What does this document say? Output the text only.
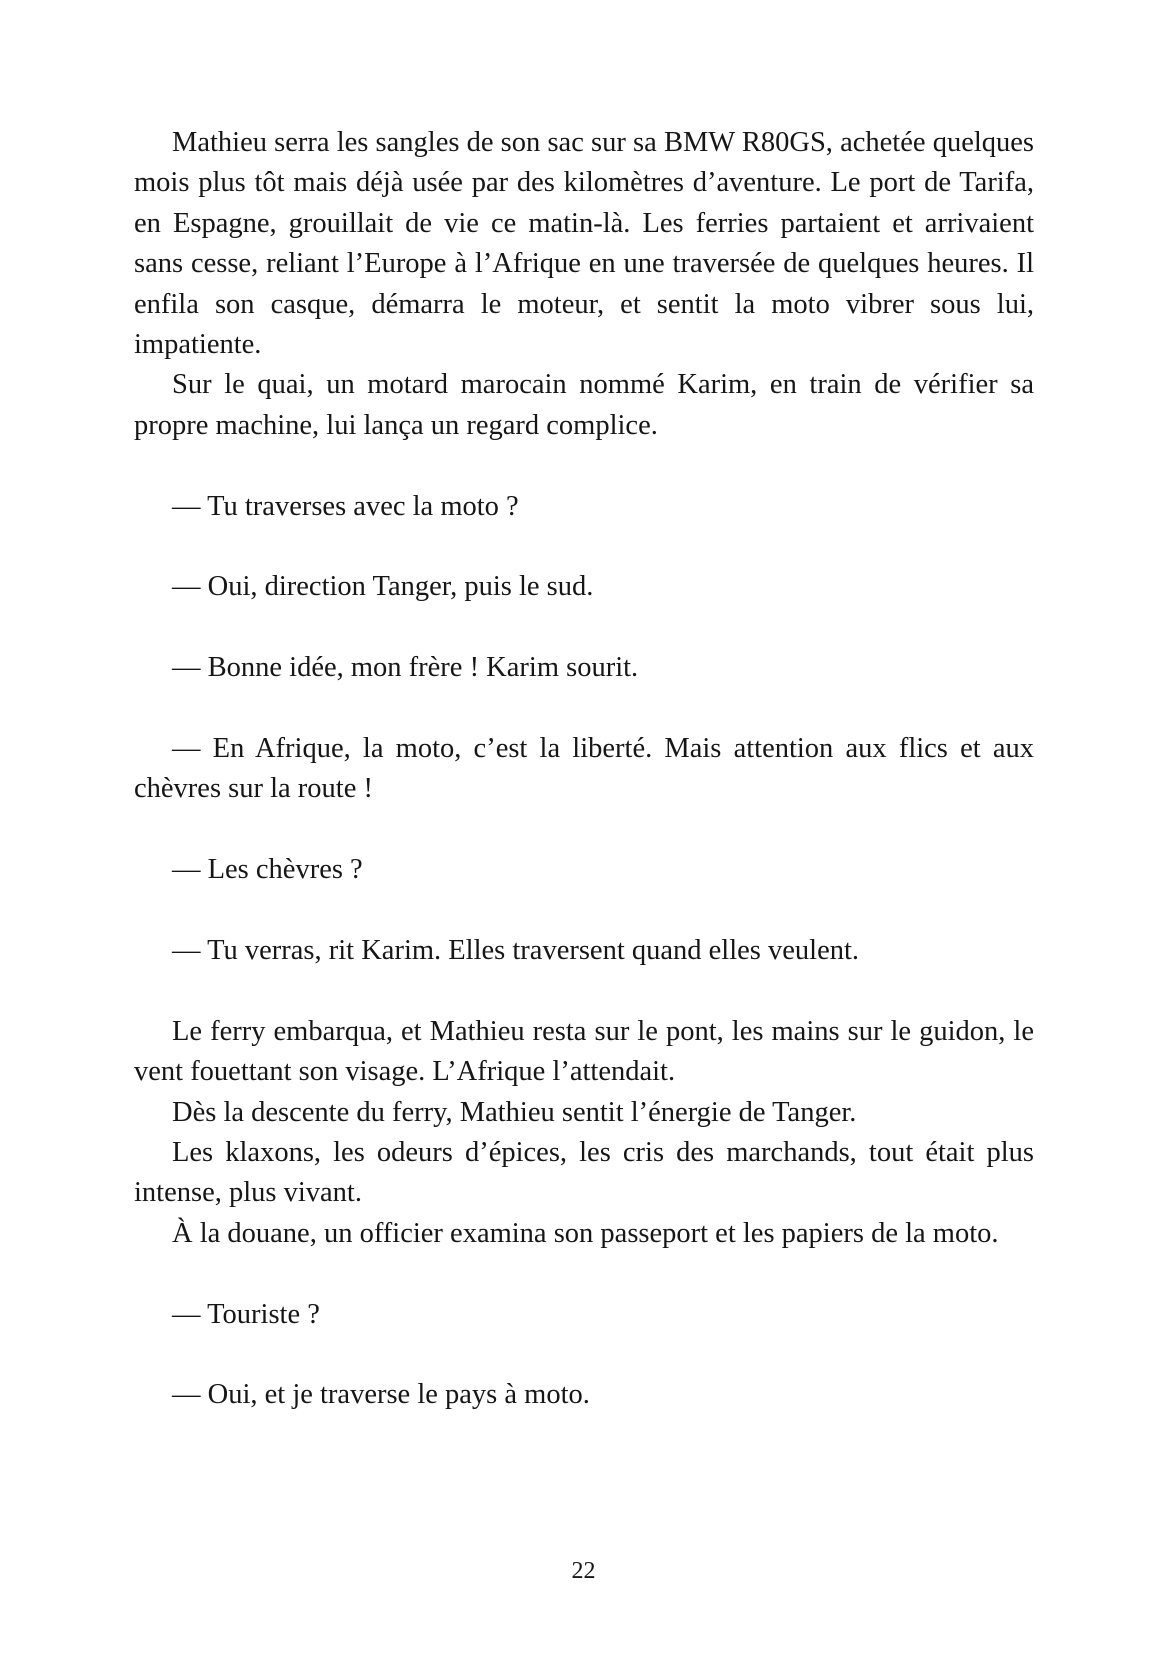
Mathieu serra les sangles de son sac sur sa BMW R80GS, achetée quelques mois plus tôt mais déjà usée par des kilomètres d’aventure. Le port de Tarifa, en Espagne, grouillait de vie ce matin-là. Les ferries partaient et arrivaient sans cesse, reliant l’Europe à l’Afrique en une traversée de quelques heures. Il enfila son casque, démarra le moteur, et sentit la moto vibrer sous lui, impatiente.

Sur le quai, un motard marocain nommé Karim, en train de vérifier sa propre machine, lui lança un regard complice.

— Tu traverses avec la moto ?

— Oui, direction Tanger, puis le sud.

— Bonne idée, mon frère ! Karim sourit.

— En Afrique, la moto, c’est la liberté. Mais attention aux flics et aux chèvres sur la route !

— Les chèvres ?

— Tu verras, rit Karim. Elles traversent quand elles veulent.

Le ferry embarqua, et Mathieu resta sur le pont, les mains sur le guidon, le vent fouettant son visage. L’Afrique l’attendait.

Dès la descente du ferry, Mathieu sentit l’énergie de Tanger.

Les klaxons, les odeurs d’épices, les cris des marchands, tout était plus intense, plus vivant.

À la douane, un officier examina son passeport et les papiers de la moto.

— Touriste ?

— Oui, et je traverse le pays à moto.

22
